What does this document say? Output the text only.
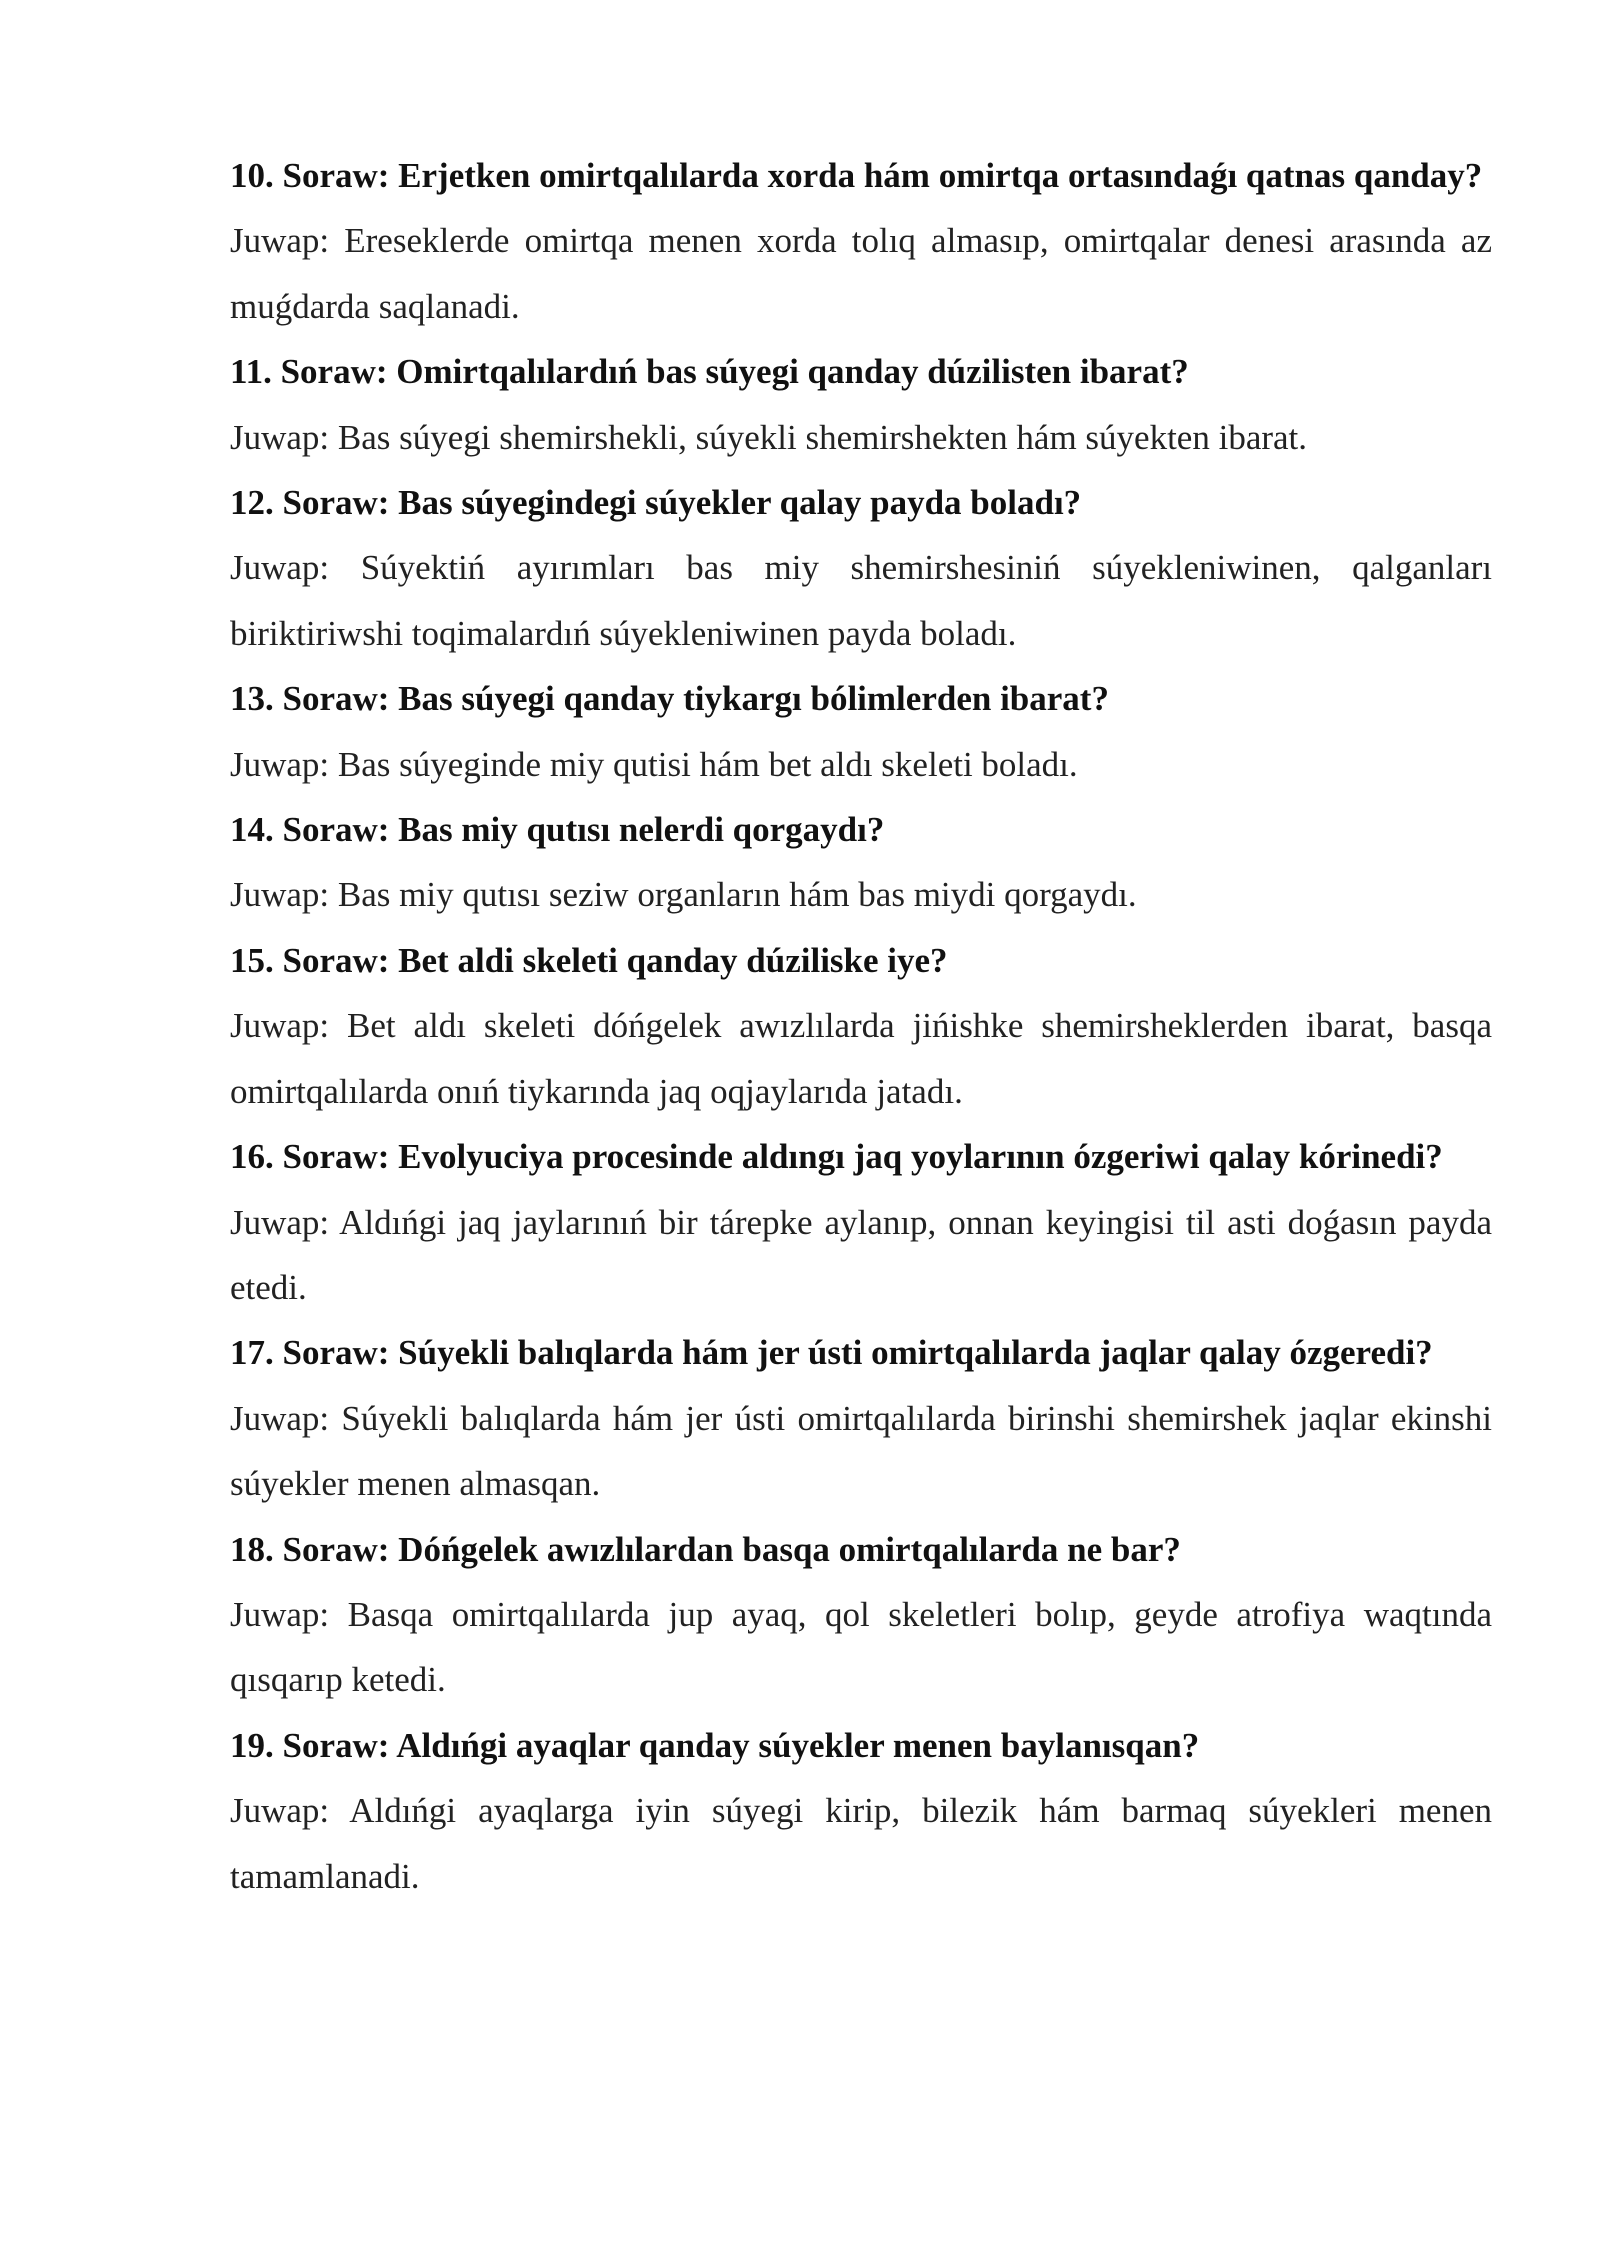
10. Soraw: Erjetken omirtqalılarda xorda hám omirtqa ortasındaǵı qatnas qanday?

Juwap: Ereseklerde omirtqa menen xorda tolıq almasıp, omirtqalar denesi arasında az muǵdarda saqlanadi.

11. Soraw: Omirtqalılardıń bas súyegi qanday dúzilisten ibarat?

Juwap: Bas súyegi shemirshekli, súyekli shemirshekten hám súyekten ibarat.

12. Soraw: Bas súyegindegi súyekler qalay payda boladı?

Juwap: Súyektiń ayırımları bas miy shemirshesiniń súyekleniwinen, qalganları biriktiriwshi toqimalardıń súyekleniwinen payda boladı.

13. Soraw: Bas súyegi qanday tiykargı bólimlerden ibarat?

Juwap: Bas súyeginde miy qutisi hám bet aldı skeleti boladı.

14. Soraw: Bas miy qutısı nelerdi qorgaydı?

Juwap: Bas miy qutısı seziw organların hám bas miydi qorgaydı.

15. Soraw: Bet aldi skeleti qanday dúziliske iye?

Juwap: Bet aldı skeleti dóńgelek awızlılarda jińishke shemirsheklerden ibarat, basqa omirtqalılarda onıń tiykarında jaq oqjaylarıda jatadı.

16. Soraw: Evolyuciya procesinde aldıngı jaq yoylarının ózgeriwi qalay kórinedi?

Juwap: Aldıńgi jaq jaylarınıń bir tárepke aylanıp, onnan keyingisi til asti doǵasın payda etedi.

17. Soraw: Súyekli balıqlarda hám jer ústi omirtqalılarda jaqlar qalay ózgeredi?

Juwap: Súyekli balıqlarda hám jer ústi omirtqalılarda birinshi shemirshek jaqlar ekinshi súyekler menen almasqan.

18. Soraw: Dóńgelek awızlılardan basqa omirtqalılarda ne bar?

Juwap: Basqa omirtqalılarda jup ayaq, qol skeletleri bolıp, geyde atrofiya waqtında qısqarıp ketedi.

19. Soraw: Aldıńgi ayaqlar qanday súyekler menen baylanısqan?

Juwap: Aldıńgi ayaqlarga iyin súyegi kirip, bilezik hám barmaq súyekleri menen tamamlanadi.
